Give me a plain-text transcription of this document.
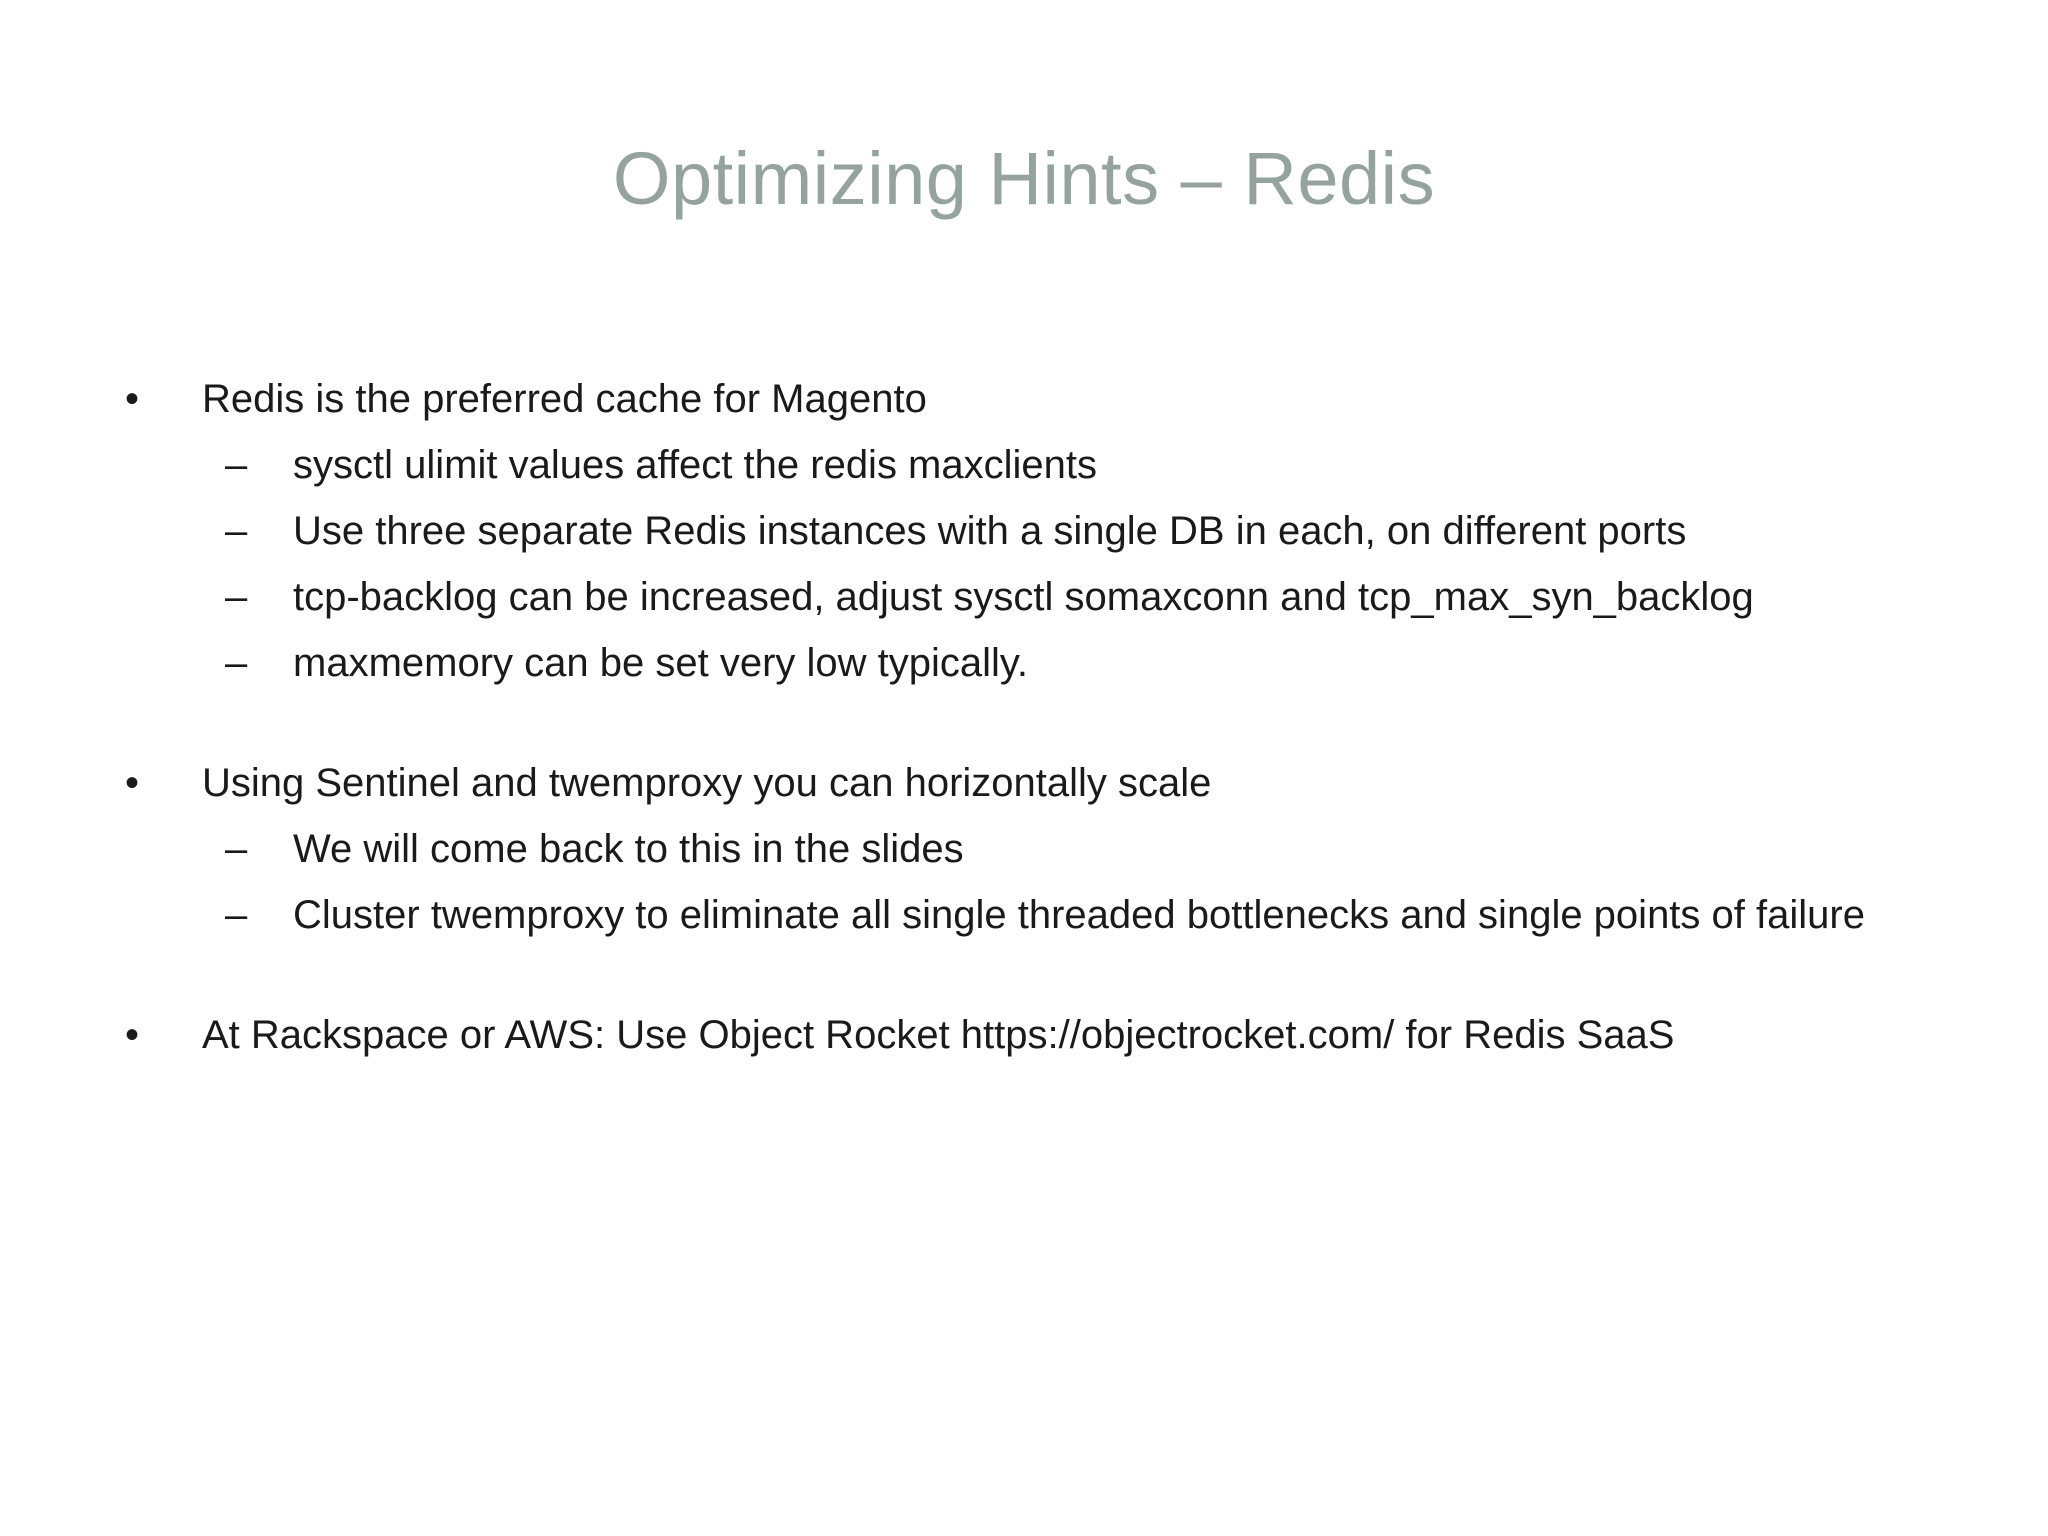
Optimizing Hints – Redis
• Redis is the preferred cache for Magento
– sysctl ulimit values affect the redis maxclients
– Use three separate Redis instances with a single DB in each, on different ports
– tcp-backlog can be increased, adjust sysctl somaxconn and tcp_max_syn_backlog
– maxmemory can be set very low typically.
• Using Sentinel and twemproxy you can horizontally scale
– We will come back to this in the slides
– Cluster twemproxy to eliminate all single threaded bottlenecks and single points of failure
• At Rackspace or AWS: Use Object Rocket https://objectrocket.com/ for Redis SaaS
